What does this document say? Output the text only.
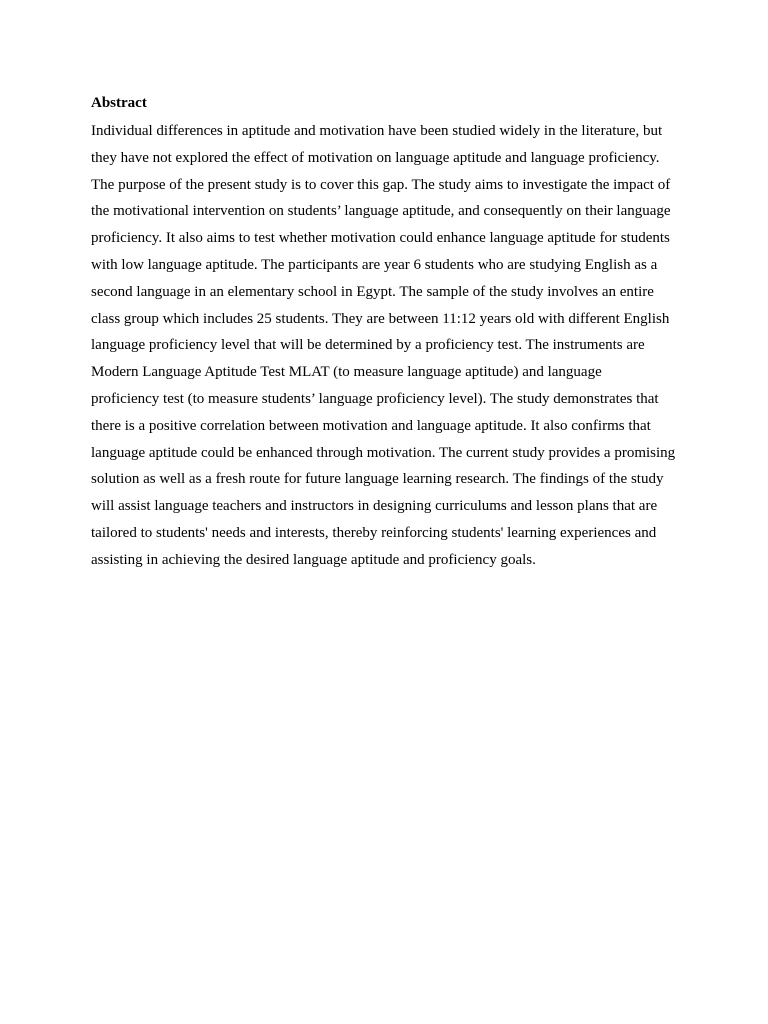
Abstract

Individual differences in aptitude and motivation have been studied widely in the literature, but
they have not explored the effect of motivation on language aptitude and language proficiency.
The purpose of the present study is to cover this gap. The study aims to investigate the impact of
the motivational intervention on students’ language aptitude, and consequently on their language
proficiency. It also aims to test whether motivation could enhance language aptitude for students
with low language aptitude. The participants are year 6 students who are studying English as a
second language in an elementary school in Egypt. The sample of the study involves an entire
class group which includes 25 students. They are between 11:12 years old with different English
language proficiency level that will be determined by a proficiency test. The instruments are
Modern Language Aptitude Test MLAT (to measure language aptitude) and language
proficiency test (to measure students’ language proficiency level). The study demonstrates that
there is a positive correlation between motivation and language aptitude. It also confirms that
language aptitude could be enhanced through motivation. The current study provides a promising
solution as well as a fresh route for future language learning research. The findings of the study
will assist language teachers and instructors in designing curriculums and lesson plans that are
tailored to students' needs and interests, thereby reinforcing students' learning experiences and
assisting in achieving the desired language aptitude and proficiency goals.
